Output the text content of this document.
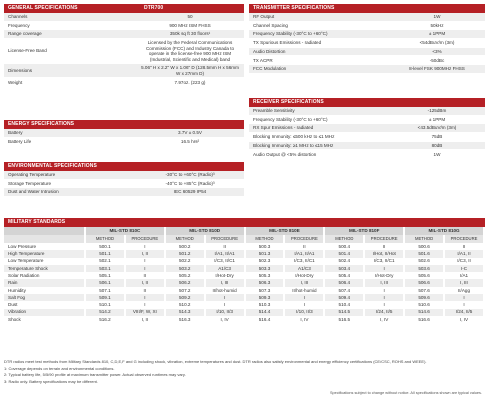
GENERAL SPECIFICATIONS	DTR700
Channels	50
Frequency	900 MHz ISM FHSS
Range coverage	350k sq ft 30 floors¹
License-Free Band	Licensed by the Federal Communications Commission (FCC) and Industry Canada to operate in the license-free 900 MHz ISM (Industrial, Scientific and Medical) band
Dimensions	5.06" H x 2.2" W x 1.06" D (128.5mm H x 56mm W x 27mm D)
Weight	7.97oz. (223 g)
ENERGY SPECIFICATIONS
Battery	3.7V ± 0.5V
Battery Life	16.5 hrs²
ENVIRONMENTAL SPECIFICATIONS
Operating Temperature	-30°C to +60°C (Radio)³
Storage Temperature	-40°C to +85°C (Radio)³
Dust and Water Intrusion	IEC 60529 IP54
TRANSMITTER SPECIFICATIONS
RF Output	1W
Channel Spacing	50kHz
Frequency Stability (-30°C to +60°C)	± 1PPM
TX Spurious Emissions - radiated	<54dBuV/m (3m)
Audio Distortion	<3%
TX ACPR	-50dBc
FCC Modulation	8-level FSK 900MHz FHSS
RECEIVER SPECIFICATIONS
Preamble Sensitivity	-125dBm
Frequency Stability (-30°C to +60°C)	± 1PPM
RX Spur Emissions - radiated	<43.5dBuV/m (3m)
Blocking Immunity: ≤500 kHz to ≤1 MHz	75dB
Blocking Immunity: ≥1 MHz to ≤15 MHz	80dB
Audio Output @ <5% distortion	1W
MILITARY STANDARDS
	MIL-STD 810C		MIL-STD 810D		MIL-STD 810E		MIL-STD 810F		MIL-STD 810G	
	METHOD	PROCEDURE	METHOD	PROCEDURE	METHOD	PROCEDURE	METHOD	PROCEDURE	METHOD	PROCEDURE
Low Pressure	500.1	I	500.2	II	500.3	II	500.4	II	500.6	II
High Temperature	501.1	I, II	501.2	I/A1, II/A1	501.3	I/A1, II/A1	501.4	I/Hot, II/Hot	501.6	I/A1, II
Low Temperature	502.1	I	502.2	I/C3, II/C1	502.3	I/C3, II/C1	502.4	I/C3, II/C1	502.6	I/C3, II
Temperature Shock	503.1	I	503.2	A1/C3	503.3	A1/C3	503.4	I	503.6	I-C
Solar Radiation	505.1	II	505.2	I/Hot-Dry	505.3	I/Hot-Dry	505.4	I/Hot-Dry	505.6	I/A1
Rain	506.1	I, II	506.2	I, III	506.3	I, III	506.4	I, III	506.6	I, III
Humidity	507.1	II	507.2	II/hot-humid	507.3	II/hot-humid	507.4	I	507.6	II/Agg
Salt Fog	509.1	I	509.2	I	509.3	I	509.4	I	509.6	I
Dust	510.1	I	510.2	I	510.3	I	510.4	I	510.6	I
Vibration	514.2	VIII/F, W, XI	514.3	I/10, II/3	514.4	I/10, II/3	514.5	I/24, II/5	514.6	I/24, II/5
Shock	516.2	I, II	516.3	I, IV	516.4	I, IV	516.5	I, IV	516.6	I, IV

DTR radios meet test methods from Military Standards 810, C,D,E,F and G including shock, vibration, extreme temperatures and dust. DTR radios also satisfy environmental and energy efficiency certifications (CE/CSC, ROHS and WEEE).

1: Coverage depends on terrain and environmental conditions.

2: Typical battery life, 5/5/90 profile at maximum transmitter power. Actual observed runtimes may vary.

3: Radio only. Battery specifications may be different.

Specifications subject to change without notice. All specifications shown are typical values.
